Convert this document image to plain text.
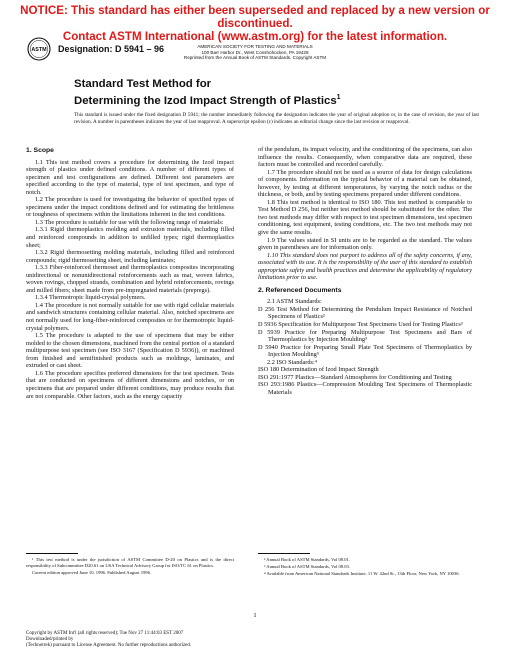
NOTICE: This standard has either been superseded and replaced by a new version or discontinued.
Contact ASTM International (www.astm.org) for the latest information.
ASTM Designation: D 5941 – 96	AMERICAN SOCIETY FOR TESTING AND MATERIALS
100 Barr Harbor Dr., West Conshohocken, PA 19428
Reprinted from the Annual Book of ASTM Standards. Copyright ASTM
Standard Test Method for
Determining the Izod Impact Strength of Plastics$^1$
This standard is issued under the fixed designation D 5941; the number immediately following the designation indicates the year of original adoption or, in the case of revision, the year of last revision. A number in parentheses indicates the year of last reapproval. A superscript epsilon (ε) indicates an editorial change since the last revision or reapproval.
1. Scope

1.1 This test method covers a procedure for determining the Izod impact strength of plastics under defined conditions. A number of different types of specimen and test configurations are defined. Different test parameters are specified according to the type of material, type of test specimen, and type of notch.

1.2 The procedure is used for investigating the behavior of specified types of specimens under the impact conditions defined and for estimating the brittleness or toughness of specimens within the limitations inherent in the test conditions.

1.3 The procedure is suitable for use with the following range of materials:

1.3.1 Rigid thermoplastics molding and extrusion materials, including filled and reinforced compounds in addition to unfilled types; rigid thermoplastics sheet;

1.3.2 Rigid thermosetting molding materials, including filled and reinforced compounds; rigid thermosetting sheet, including laminates;

1.3.3 Fiber-reinforced thermoset and thermoplastics composites incorporating unidirectional or nonunidirectional reinforcements such as mat, woven fabrics, woven rovings, chopped strands, combination and hybrid reinforcements, rovings and milled fibers; sheet made from pre-impregnated materials (prepregs).

1.3.4 Thermotropic liquid-crystal polymers.

1.4 The procedure is not normally suitable for use with rigid cellular materials and sandwich structures containing cellular material. Also, notched specimens are not normally used for long-fiber-reinforced composites or for thermotropic liquid-crystal polymers.

1.5 The procedure is adapted to the use of specimens that may be either molded to the chosen dimensions, machined from the central portion of a standard multipurpose test specimen (see ISO 3167 (Specification D 5936)), or machined from finished and semifinished products such as moldings, laminates, and extruded or cast sheet.

1.6 The procedure specifies preferred dimensions for the test specimen. Tests that are conducted on specimens of different dimensions and notches, or on specimens that are prepared under different conditions, may produce results that are not comparable. Other factors, such as the energy capacity

of the pendulum, its impact velocity, and the conditioning of the specimens, can also influence the results. Consequently, when comparative data are required, these factors must be controlled and recorded carefully.

1.7 The procedure should not be used as a source of data for design calculations of components. Information on the typical behavior of a material can be obtained, however, by testing at different temperatures, by varying the notch radius or the thickness, or both, and by testing specimens prepared under different conditions.

1.8 This test method is identical to ISO 180. This test method is comparable to Test Method D 256, but neither test method should be substituted for the other. The two test methods may differ with respect to test specimen dimensions, test specimen conditioning, test equipment, testing conditions, etc. The two test methods may not give the same results.

1.9 The values stated in SI units are to be regarded as the standard. The values given in parentheses are for information only.

1.10 This standard does not purport to address all of the safety concerns, if any, associated with its use. It is the responsibility of the user of this standard to establish appropriate safety and health practices and determine the applicability of regulatory limitations prior to use.

2. Referenced Documents

2.1 ASTM Standards:

D 256 Test Method for Determining the Pendulum Impact Resistance of Notched Specimens of Plastics²

D 5936 Specification for Multipurpose Test Specimens Used for Testing Plastics³

D 5939 Practice for Preparing Multipurpose Test Specimens and Bars of Thermoplastics by Injection Moulding³

D 5940 Practice for Preparing Small Plate Test Specimens of Thermoplastics by Injection Moulding³

2.2 ISO Standards:⁴

ISO 180 Determination of Izod Impact Strength

ISO 291:1977 Plastics—Standard Atmospheres for Conditioning and Testing

ISO 293:1986 Plastics—Compression Moulding Test Specimens of Thermoplastic Materials

¹ This test method is under the jurisdiction of ASTM Committee D-20 on Plastics and is the direct responsibility of Subcommittee D20.61 on USA Technical Advisory Group for ISO/TC 61 on Plastics.

Current edition approved June 10, 1996. Published August 1996.

² Annual Book of ASTM Standards, Vol 08.01.

³ Annual Book of ASTM Standards, Vol 08.03.

⁴ Available from American National Standards Institute, 11 W. 42nd St., 13th Floor, New York, NY 10036.

1
Copyright by ASTM Int'l (all rights reserved); Tue Nov 27 11:44:03 EST 2007
Downloaded/printed by
(Technotrek) pursuant to License Agreement. No further reproductions authorized.
